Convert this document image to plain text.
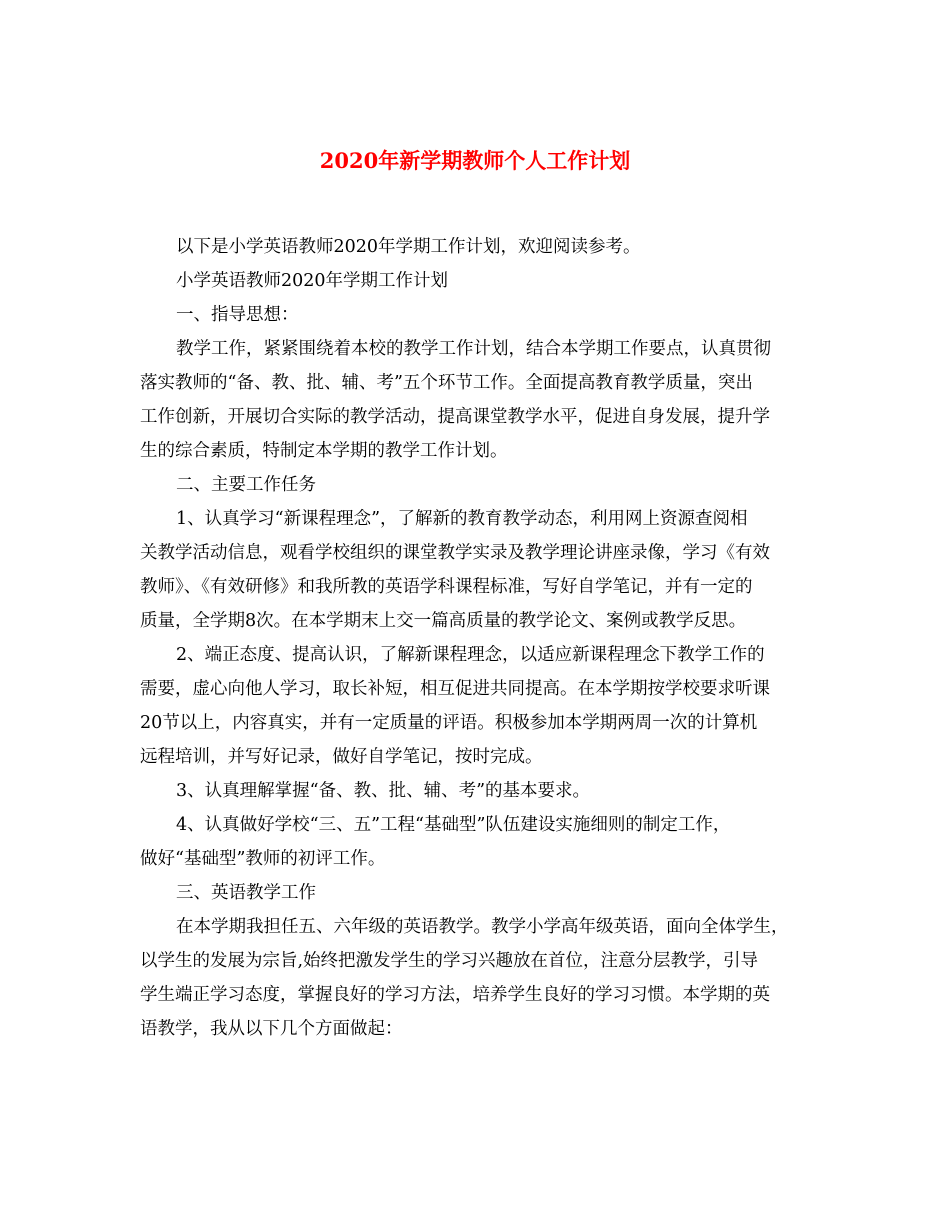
2020年新学期教师个人工作计划

以下是小学英语教师2020年学期工作计划，欢迎阅读参考。

小学英语教师2020年学期工作计划

一、指导思想：

教学工作，紧紧围绕着本校的教学工作计划，结合本学期工作要点，认真贯彻
落实教师的“备、教、批、辅、考”五个环节工作。全面提高教育教学质量，突出
工作创新，开展切合实际的教学活动，提高课堂教学水平，促进自身发展，提升学
生的综合素质，特制定本学期的教学工作计划。

二、主要工作任务

1、认真学习“新课程理念”，了解新的教育教学动态，利用网上资源查阅相
关教学活动信息，观看学校组织的课堂教学实录及教学理论讲座录像，学习《有效
教师》、《有效研修》和我所教的英语学科课程标准，写好自学笔记，并有一定的
质量，全学期8次。在本学期末上交一篇高质量的教学论文、案例或教学反思。

2、端正态度、提高认识，了解新课程理念，以适应新课程理念下教学工作的
需要，虚心向他人学习，取长补短，相互促进共同提高。在本学期按学校要求听课
20节以上，内容真实，并有一定质量的评语。积极参加本学期两周一次的计算机
远程培训，并写好记录，做好自学笔记，按时完成。

3、认真理解掌握“备、教、批、辅、考”的基本要求。

4、认真做好学校“三、五”工程“基础型”队伍建设实施细则的制定工作，
做好“基础型”教师的初评工作。

三、英语教学工作

在本学期我担任五、六年级的英语教学。教学小学高年级英语，面向全体学生，
以学生的发展为宗旨,始终把激发学生的学习兴趣放在首位，注意分层教学，引导
学生端正学习态度，掌握良好的学习方法，培养学生良好的学习习惯。本学期的英
语教学，我从以下几个方面做起：
